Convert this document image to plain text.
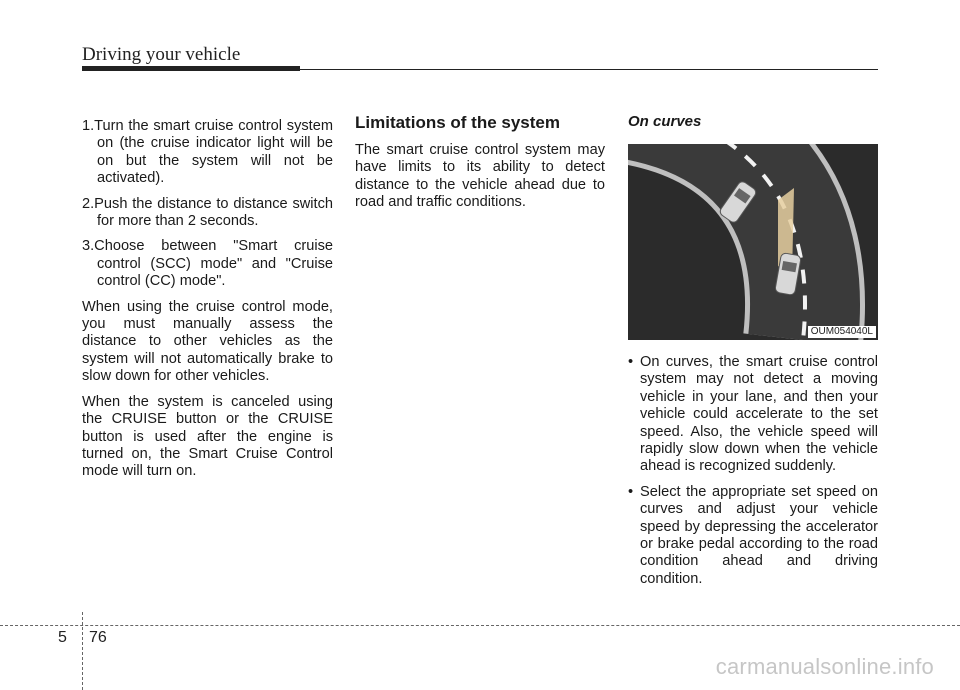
Driving your vehicle
1.Turn the smart cruise control system on (the cruise indicator light will be on but the system will not be activated).
2.Push the distance to distance switch for more than 2 seconds.
3.Choose between "Smart cruise control (SCC) mode" and "Cruise control (CC) mode".

When using the cruise control mode, you must manually assess the distance to other vehicles as the system will not automatically brake to slow down for other vehicles.

When the system is canceled using the CRUISE button or the CRUISE button is used after the engine is turned on, the Smart Cruise Control mode will turn on.

Limitations of the system

The smart cruise control system may have limits to its ability to detect distance to the vehicle ahead due to road and traffic conditions.

On curves
OUM054040L
• On curves, the smart cruise control system may not detect a moving vehicle in your lane, and then your vehicle could accelerate to the set speed. Also, the vehicle speed will rapidly slow down when the vehicle ahead is recognized suddenly.
• Select the appropriate set speed on curves and adjust your vehicle speed by depressing the accelerator or brake pedal according to the road condition ahead and driving condition.
5 76
carmanualsonline.info
